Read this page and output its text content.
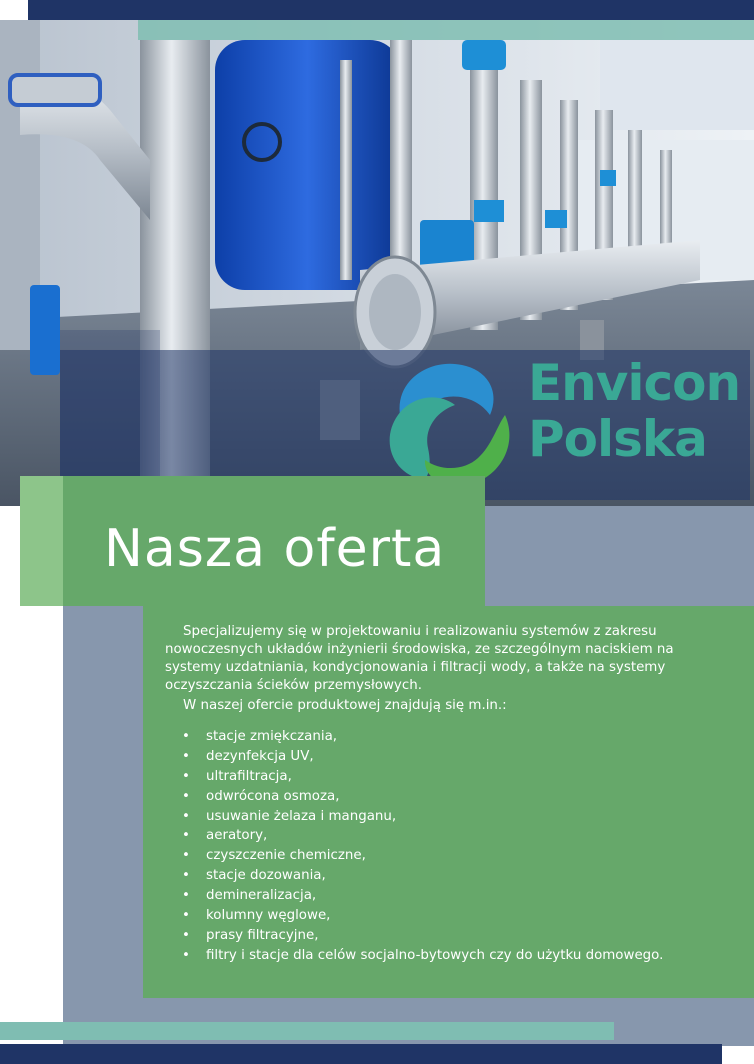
Envicon
Polska

Nasza oferta

Specjalizujemy się w projektowaniu i realizowaniu systemów z zakresu nowoczesnych układów inżynierii środowiska, ze szczególnym naciskiem na systemy uzdatniania, kondycjonowania i filtracji wody, a także na systemy oczyszczania ścieków przemysłowych.

W naszej ofercie produktowej znajdują się m.in.:

• stacje zmiękczania,
• dezynfekcja UV,
• ultrafiltracja,
• odwrócona osmoza,
• usuwanie żelaza i manganu,
• aeratory,
• czyszczenie chemiczne,
• stacje dozowania,
• demineralizacja,
• kolumny węglowe,
• prasy filtracyjne,
• filtry i stacje dla celów socjalno-bytowych czy do użytku domowego.
